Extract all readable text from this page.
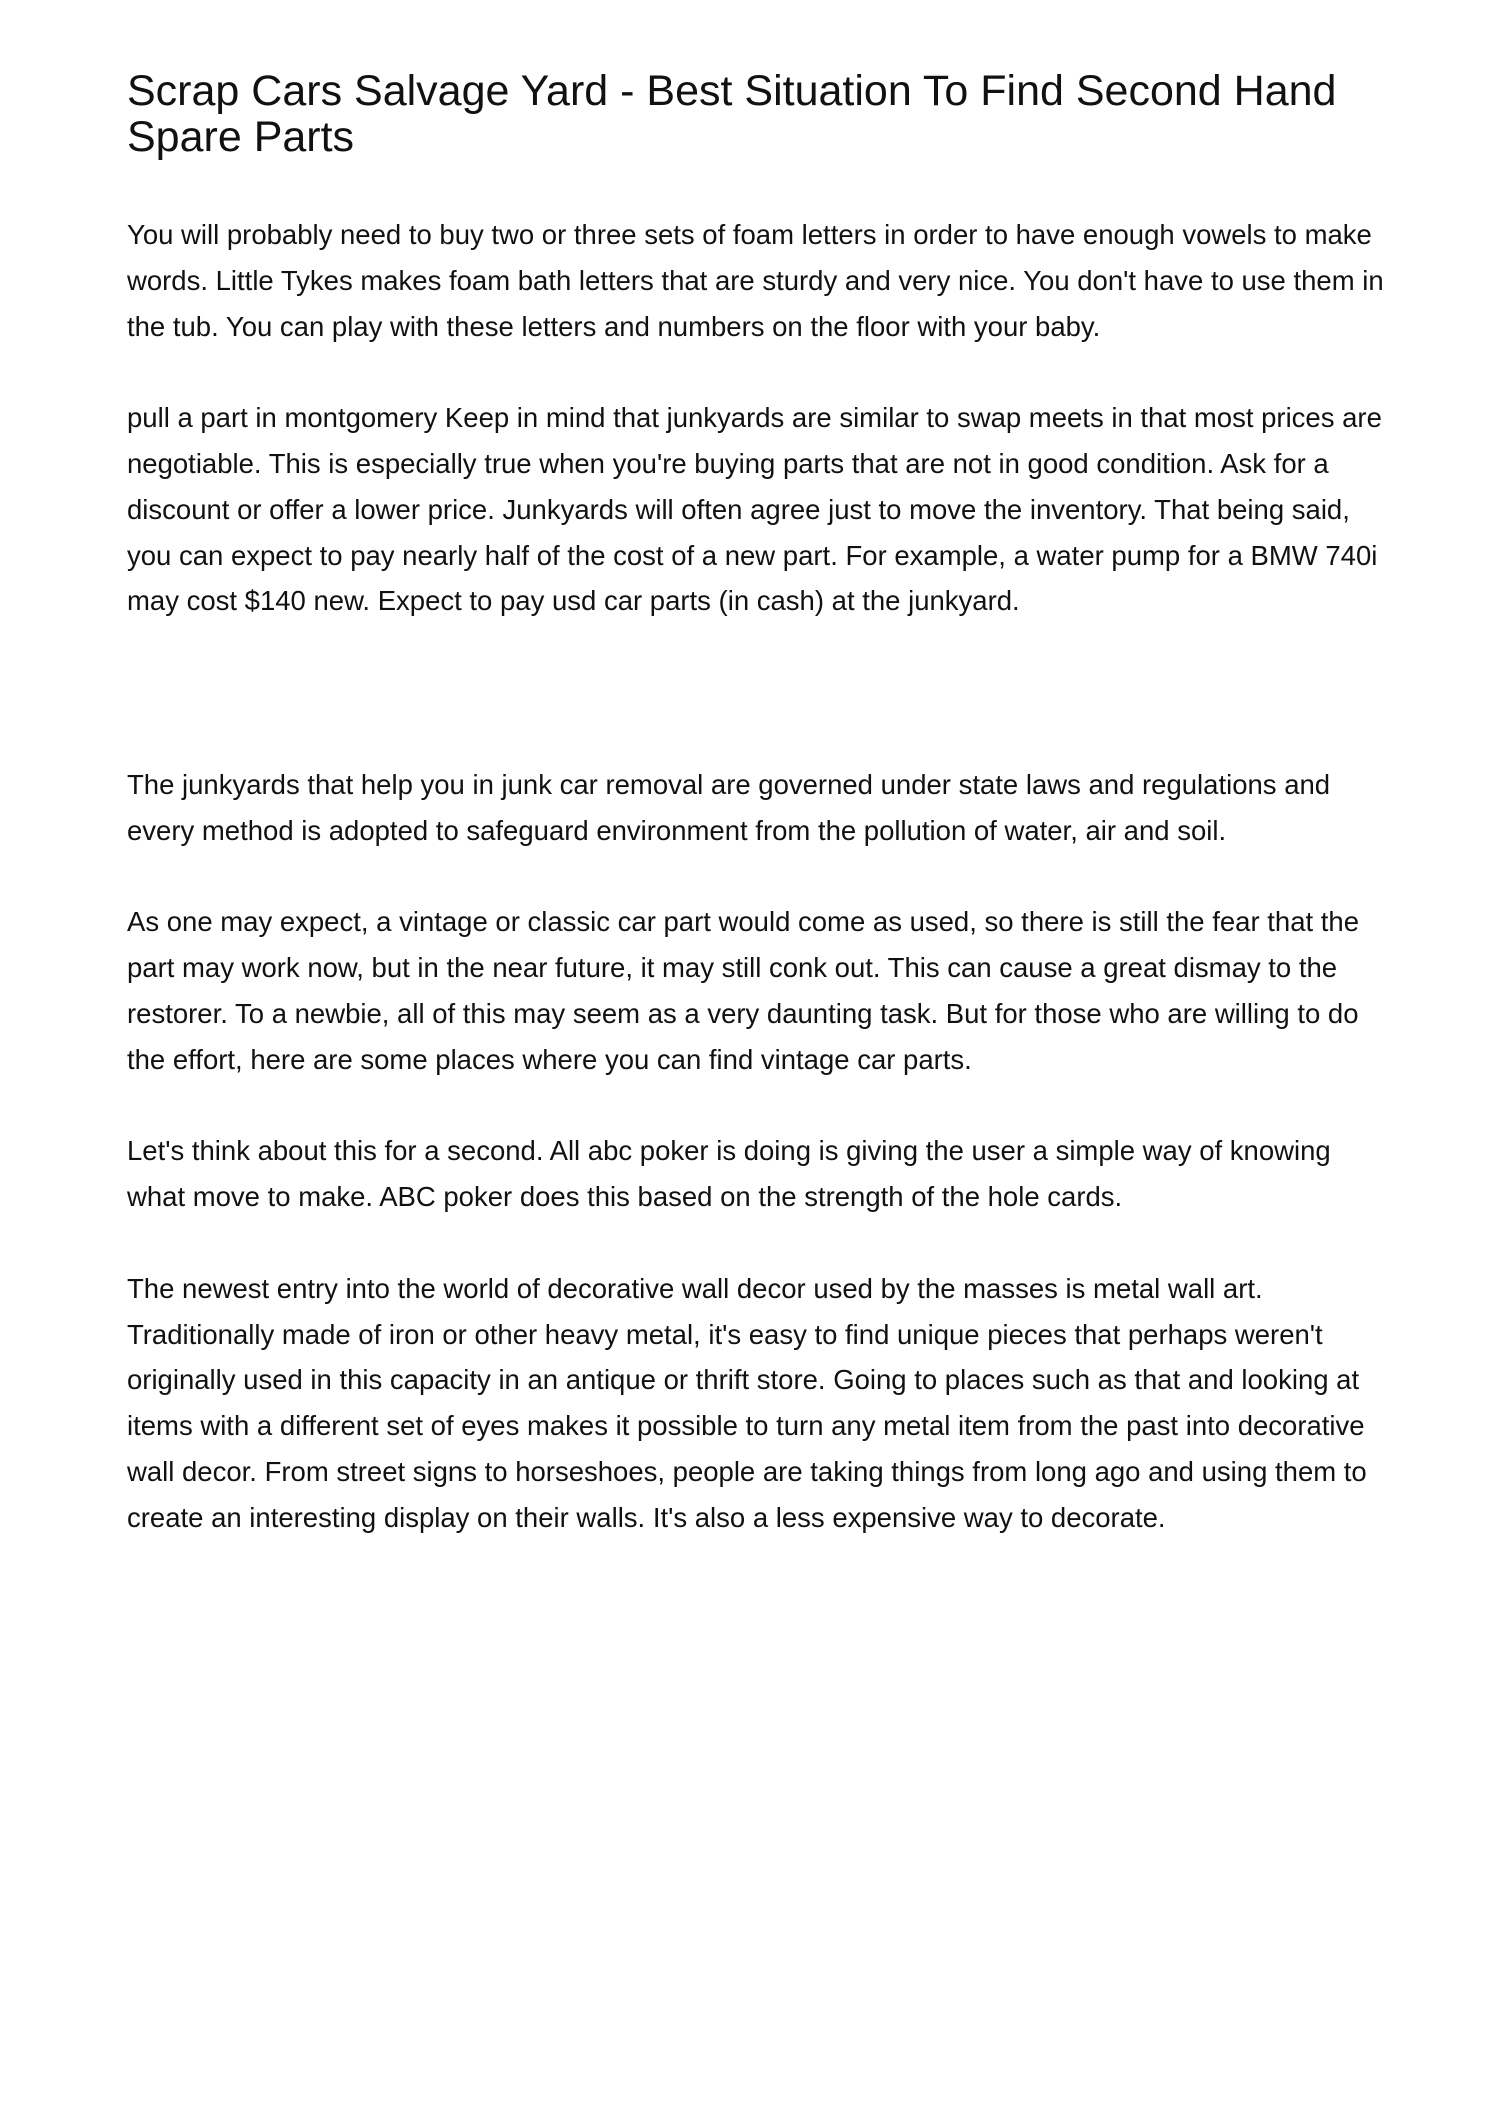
Scrap Cars Salvage Yard - Best Situation To Find Second Hand Spare Parts

You will probably need to buy two or three sets of foam letters in order to have enough vowels to make words. Little Tykes makes foam bath letters that are sturdy and very nice. You don't have to use them in the tub. You can play with these letters and numbers on the floor with your baby.

pull a part in montgomery Keep in mind that junkyards are similar to swap meets in that most prices are negotiable. This is especially true when you're buying parts that are not in good condition. Ask for a discount or offer a lower price. Junkyards will often agree just to move the inventory. That being said, you can expect to pay nearly half of the cost of a new part. For example, a water pump for a BMW 740i may cost $140 new. Expect to pay usd car parts (in cash) at the junkyard.

The junkyards that help you in junk car removal are governed under state laws and regulations and every method is adopted to safeguard environment from the pollution of water, air and soil.

As one may expect, a vintage or classic car part would come as used, so there is still the fear that the part may work now, but in the near future, it may still conk out. This can cause a great dismay to the restorer. To a newbie, all of this may seem as a very daunting task. But for those who are willing to do the effort, here are some places where you can find vintage car parts.

Let's think about this for a second. All abc poker is doing is giving the user a simple way of knowing what move to make. ABC poker does this based on the strength of the hole cards.

The newest entry into the world of decorative wall decor used by the masses is metal wall art. Traditionally made of iron or other heavy metal, it's easy to find unique pieces that perhaps weren't originally used in this capacity in an antique or thrift store. Going to places such as that and looking at items with a different set of eyes makes it possible to turn any metal item from the past into decorative wall decor. From street signs to horseshoes, people are taking things from long ago and using them to create an interesting display on their walls. It's also a less expensive way to decorate.
